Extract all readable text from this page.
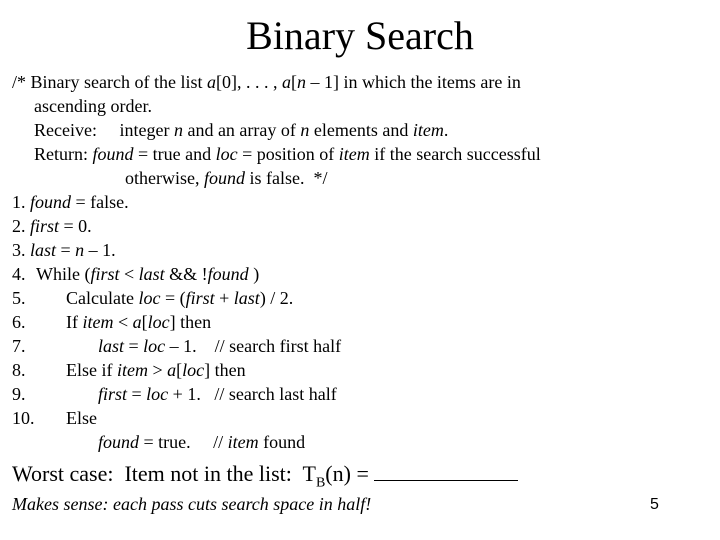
Binary Search
/* Binary search of the list a[0], . . . , a[n – 1] in which the items are in
ascending order.
Receive:     integer n and an array of n elements and item.
Return: found = true and loc = position of item if the search successful
otherwise, found is false.  */
1. found = false.
2. first = 0.
3. last = n – 1.
4. While (first < last && !found )
5. Calculate loc = (first + last) / 2.
6. If item < a[loc] then
7.	last = loc – 1.    // search first half
8. Else if item > a[loc] then
9.	first = loc + 1.   // search last half
10. Else
found = true.     // item found
Worst case:  Item not in the list:  $T_B(n)$ =
Makes sense: each pass cuts search space in half!	5
